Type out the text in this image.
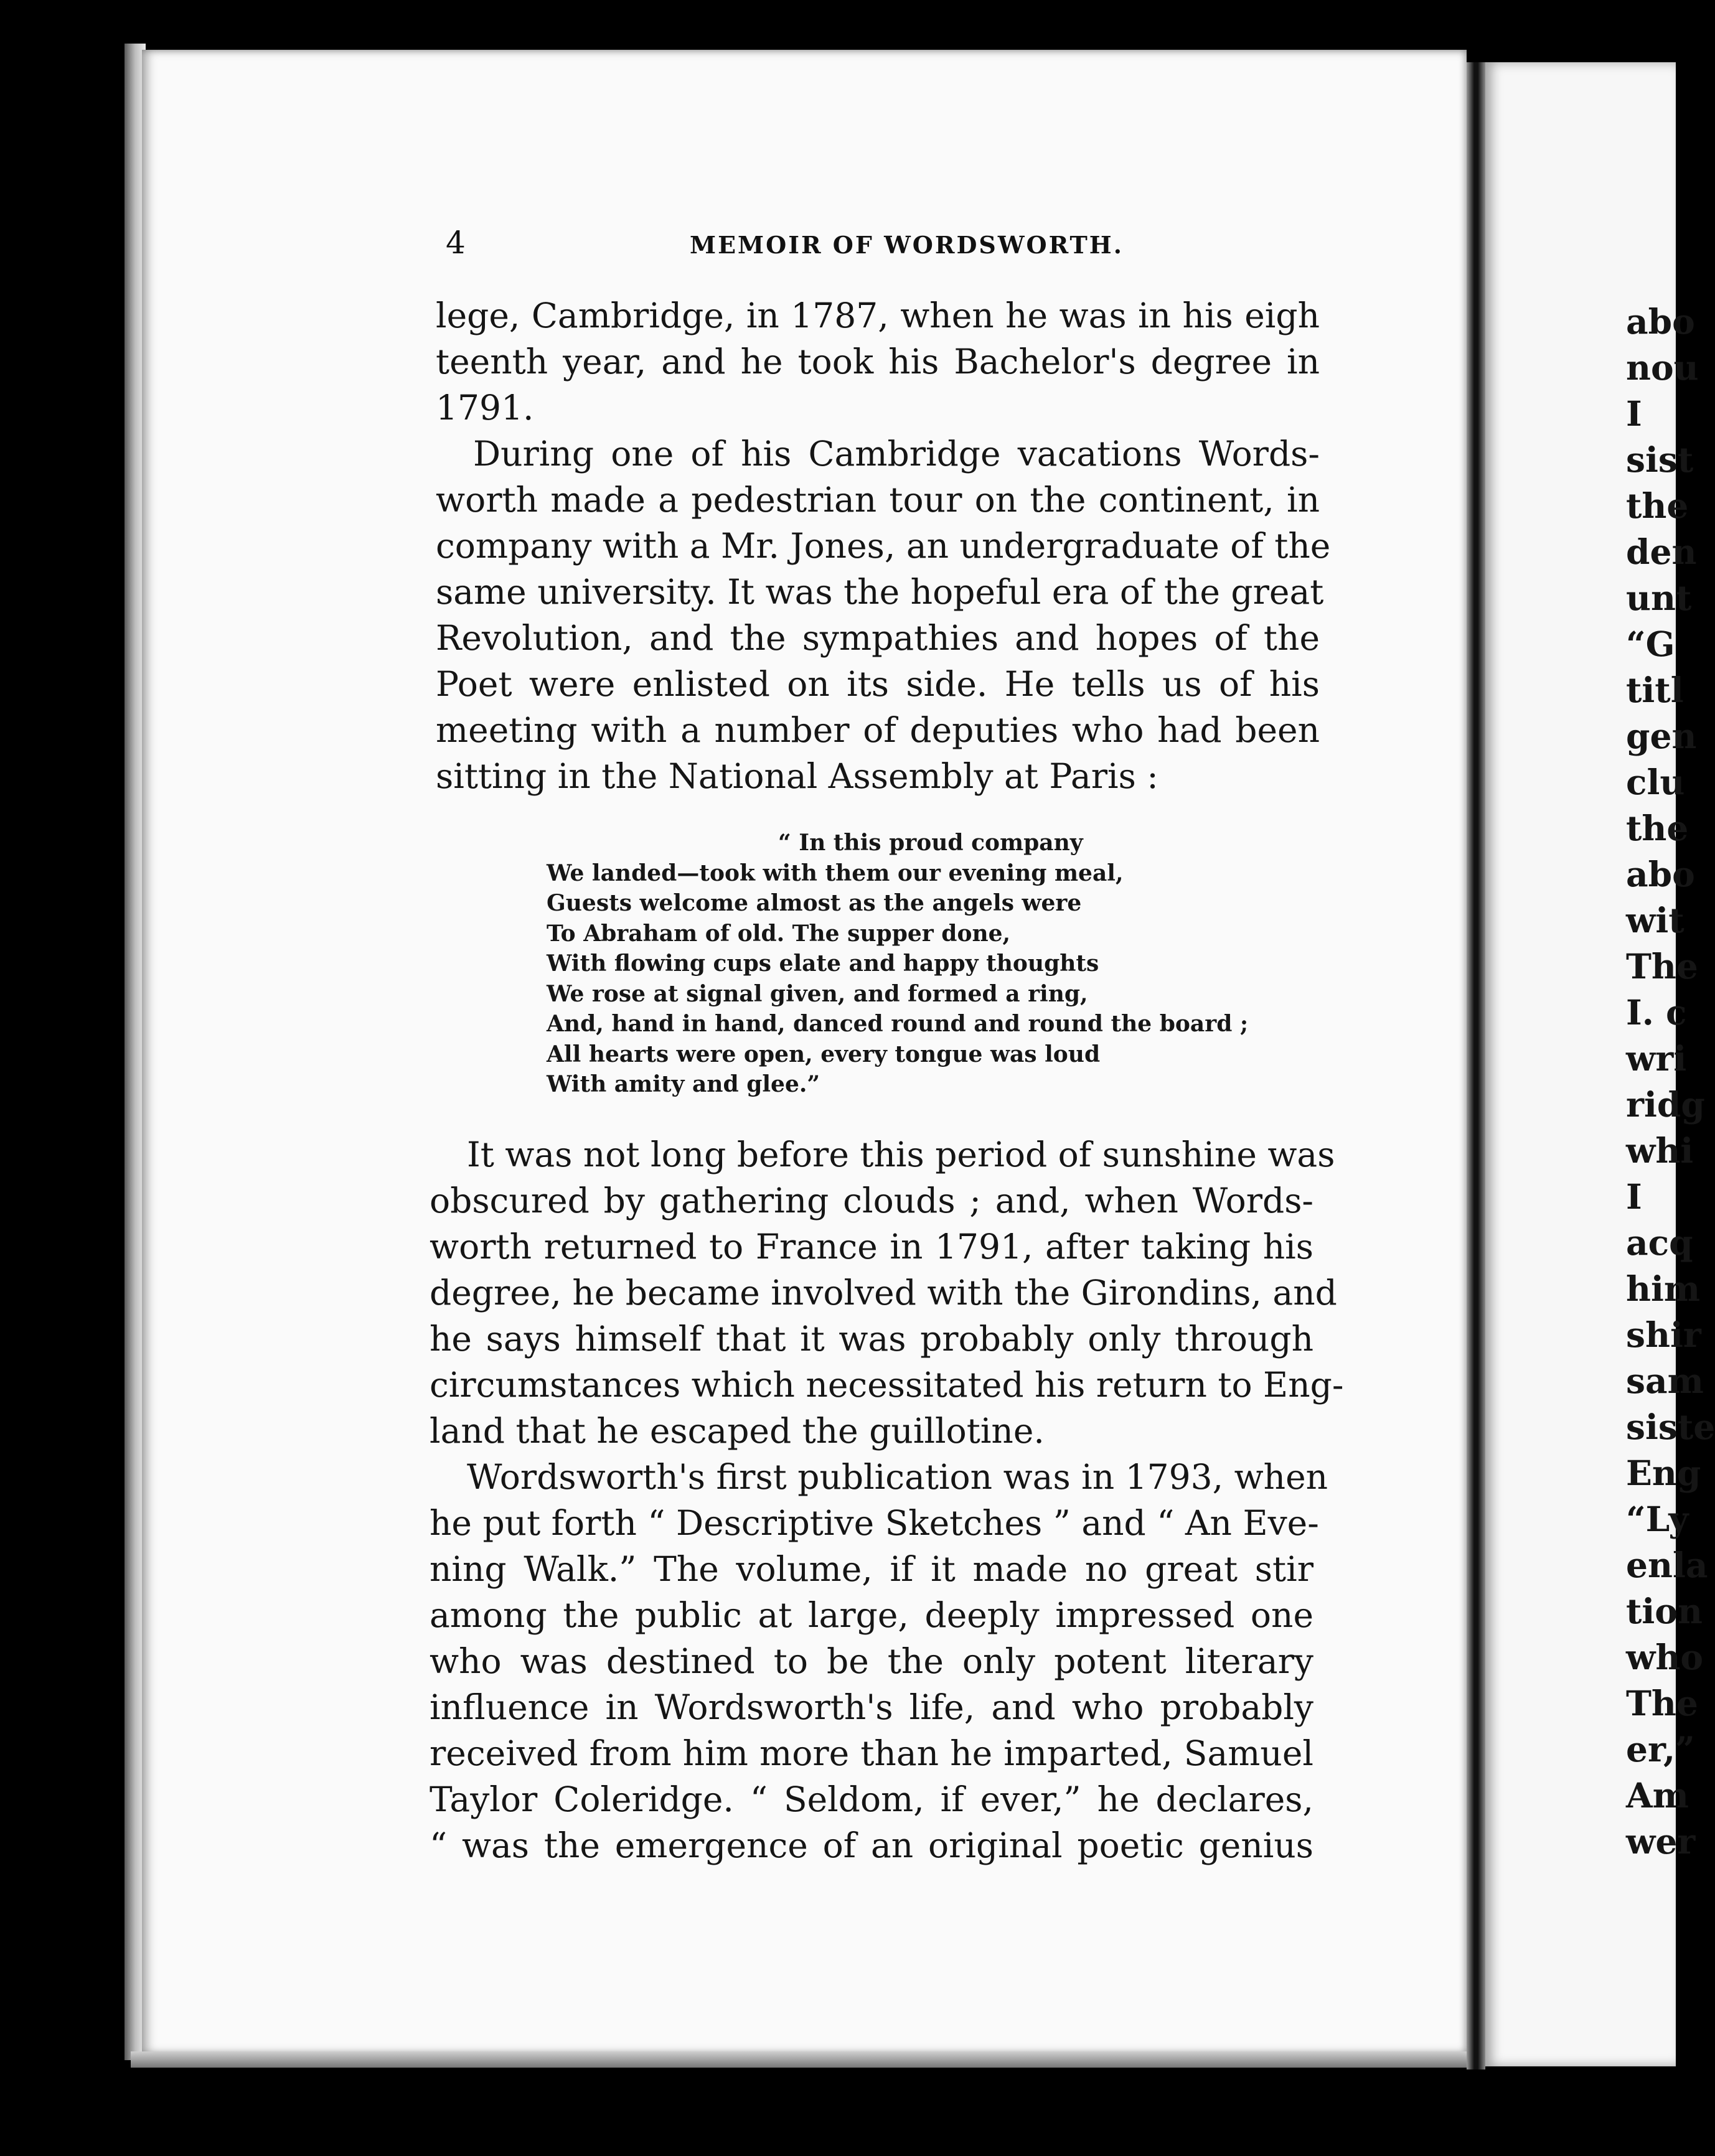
4	MEMOIR OF WORDSWORTH.
lege, Cambridge, in 1787, when he was in his eigh
teenth year, and he took his Bachelor's degree in
1791.
During one of his Cambridge vacations Words-
worth made a pedestrian tour on the continent, in
company with a Mr. Jones, an undergraduate of the
same university. It was the hopeful era of the great
Revolution, and the sympathies and hopes of the
Poet were enlisted on its side. He tells us of his
meeting with a number of deputies who had been
sitting in the National Assembly at Paris :
“ In this proud company
We landed—took with them our evening meal,
Guests welcome almost as the angels were
To Abraham of old. The supper done,
With flowing cups elate and happy thoughts
We rose at signal given, and formed a ring,
And, hand in hand, danced round and round the board ;
All hearts were open, every tongue was loud
With amity and glee.”
It was not long before this period of sunshine was
obscured by gathering clouds ; and, when Words-
worth returned to France in 1791, after taking his
degree, he became involved with the Girondins, and
he says himself that it was probably only through
circumstances which necessitated his return to Eng-
land that he escaped the guillotine.
Wordsworth's first publication was in 1793, when
he put forth “ Descriptive Sketches ” and “ An Eve-
ning Walk.” The volume, if it made no great stir
among the public at large, deeply impressed one
who was destined to be the only potent literary
influence in Wordsworth's life, and who probably
received from him more than he imparted, Samuel
Taylor Coleridge. “ Seldom, if ever,” he declares,
“ was the emergence of an original poetic genius
abo
nou
I
sist
the
den
unt
“G
titl
gen
clu
the
abo
wit
The
I. c
wri
ridg
whi
I
acq
him
shir
sam
siste
Eng
“Ly
enla
tion
who
The
er,”
Am
wer
